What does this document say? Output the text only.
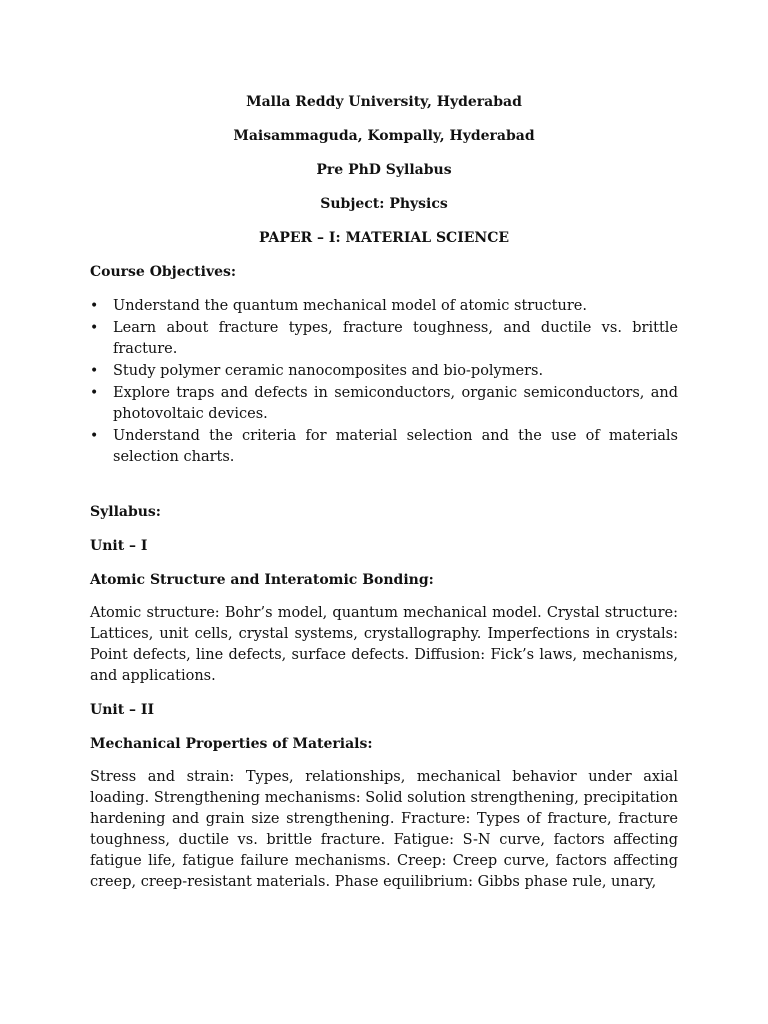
Malla Reddy University, Hyderabad
Maisammaguda, Kompally, Hyderabad
Pre PhD Syllabus
Subject: Physics
PAPER – I: MATERIAL SCIENCE
Course Objectives:
• Understand the quantum mechanical model of atomic structure.
• Learn about fracture types, fracture toughness, and ductile vs. brittle fracture.
• Study polymer ceramic nanocomposites and bio-polymers.
• Explore traps and defects in semiconductors, organic semiconductors, and photovoltaic devices.
• Understand the criteria for material selection and the use of materials selection charts.
Syllabus:
Unit – I
Atomic Structure and Interatomic Bonding:

Atomic structure: Bohr’s model, quantum mechanical model. Crystal structure: Lattices, unit cells, crystal systems, crystallography. Imperfections in crystals: Point defects, line defects, surface defects. Diffusion: Fick’s laws, mechanisms, and applications.

Unit – II
Mechanical Properties of Materials:

Stress and strain: Types, relationships, mechanical behavior under axial loading. Strengthening mechanisms: Solid solution strengthening, precipitation hardening and grain size strengthening. Fracture: Types of fracture, fracture toughness, ductile vs. brittle fracture. Fatigue: S-N curve, factors affecting fatigue life, fatigue failure mechanisms. Creep: Creep curve, factors affecting creep, creep-resistant materials. Phase equilibrium: Gibbs phase rule, unary,
